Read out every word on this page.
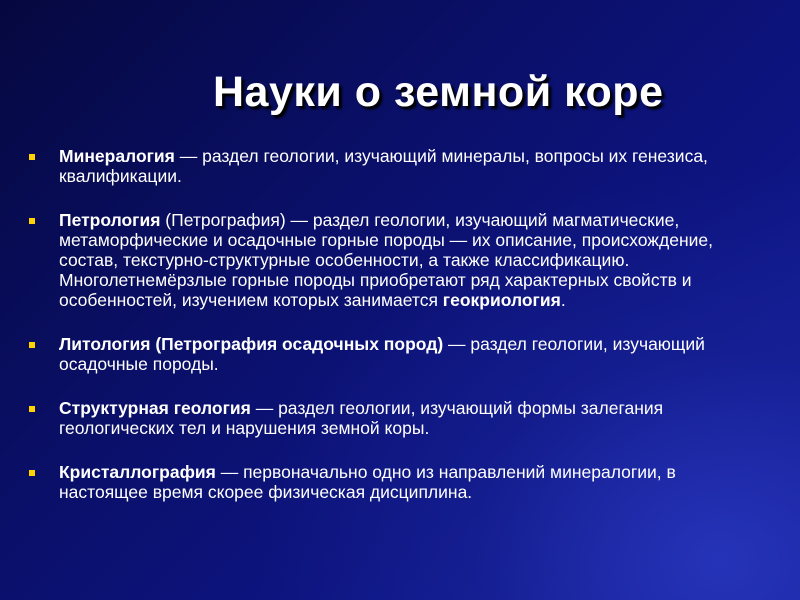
Науки о земной коре
Минералогия — раздел геологии, изучающий минералы, вопросы их генезиса, квалификации.
Петрология (Петрография) — раздел геологии, изучающий магматические, метаморфические и осадочные горные породы — их описание, происхождение, состав, текстурно-структурные особенности, а также классификацию. Многолетнемёрзлые горные породы приобретают ряд характерных свойств и особенностей, изучением которых занимается геокриология.
Литология (Петрография осадочных пород) — раздел геологии, изучающий осадочные породы.
Структурная геология — раздел геологии, изучающий формы залегания геологических тел и нарушения земной коры.
Кристаллография — первоначально одно из направлений минералогии, в настоящее время скорее физическая дисциплина.
